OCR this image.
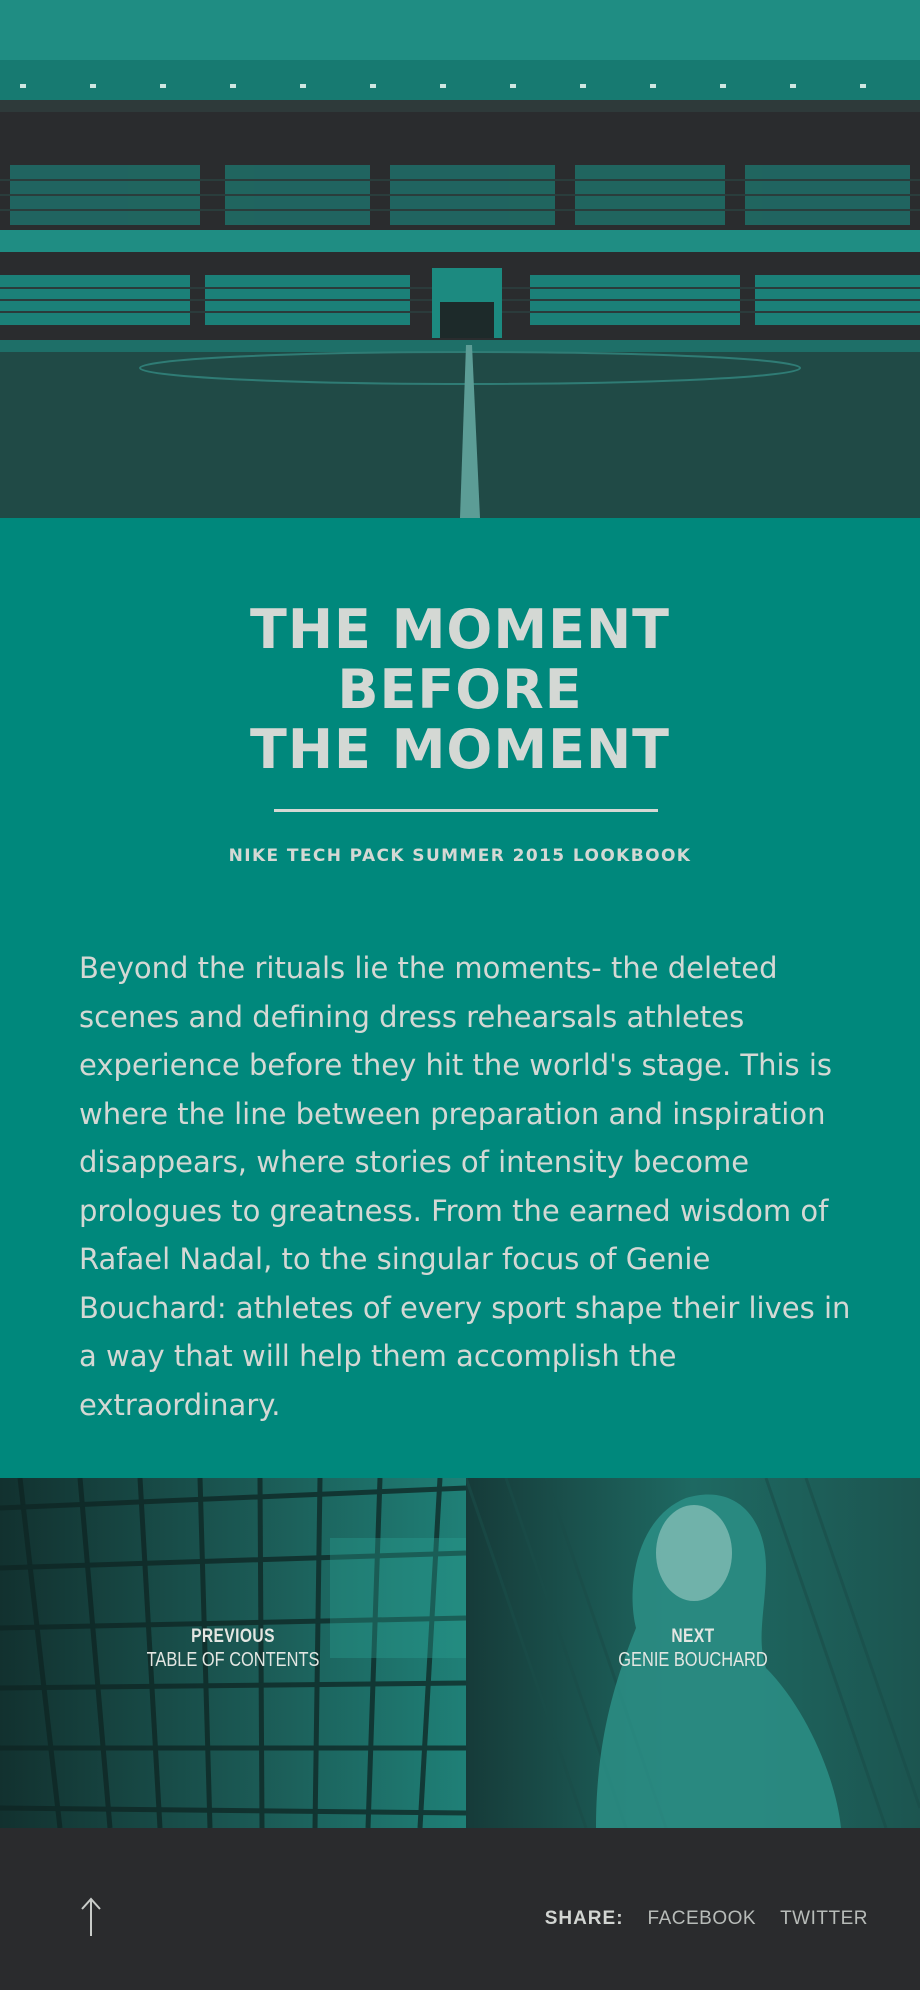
THE MOMENT
BEFORE
THE MOMENT
NIKE TECH PACK SUMMER 2015 LOOKBOOK

Beyond the rituals lie the moments- the deleted scenes and defining dress rehearsals athletes experience before they hit the world's stage. This is where the line between preparation and inspiration disappears, where stories of intensity become prologues to greatness. From the earned wisdom of Rafael Nadal, to the singular focus of Genie Bouchard: athletes of every sport shape their lives in a way that will help them accomplish the extraordinary.

PREVIOUS
TABLE OF CONTENTS
NEXT
GENIE BOUCHARD
SHARE: FACEBOOK TWITTER
